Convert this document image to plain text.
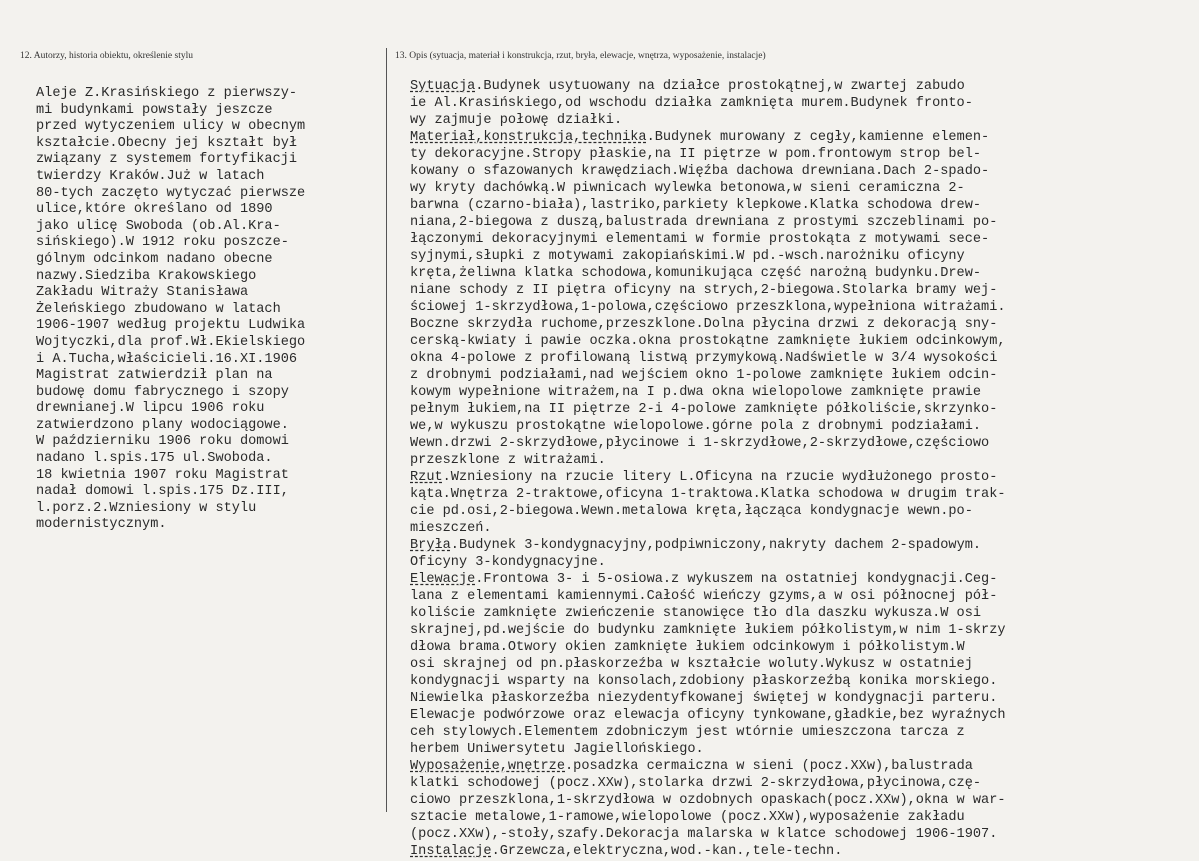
12. Autorzy, historia obiektu, określenie stylu	13. Opis (sytuacja, materiał i konstrukcja, rzut, bryła, elewacje, wnętrza, wyposażenie, instalacje)
Aleje Z.Krasińskiego z pierwszy-
mi budynkami powstały jeszcze
przed wytyczeniem ulicy w obecnym
kształcie.Obecny jej kształt był
związany z systemem fortyfikacji
twierdzy Kraków.Już w latach
80-tych zaczęto wytyczać pierwsze
ulice,które określano od 1890
jako ulicę Swoboda (ob.Al.Kra-
sińskiego).W 1912 roku poszcze-
gólnym odcinkom nadano obecne
nazwy.Siedziba Krakowskiego
Zakładu Witraży Stanisława
Żeleńskiego zbudowano w latach
1906-1907 według projektu Ludwika
Wojtyczki,dla prof.Wł.Ekielskiego
i A.Tucha,właścicieli.16.XI.1906
Magistrat zatwierdził plan na
budowę domu fabrycznego i szopy
drewnianej.W lipcu 1906 roku
zatwierdzono plany wodociągowe.
W październiku 1906 roku domowi
nadano l.spis.175 ul.Swoboda.
18 kwietnia 1907 roku Magistrat
nadał domowi l.spis.175 Dz.III,
l.porz.2.Wzniesiony w stylu
modernistycznym.
Sytuacja.Budynek usytuowany na działce prostokątnej,w zwartej zabudo
ie Al.Krasińskiego,od wschodu działka zamknięta murem.Budynek fronto-
wy zajmuje połowę działki.
Materiał,konstrukcja,technika.Budynek murowany z cegły,kamienne elemen-
ty dekoracyjne.Stropy płaskie,na II piętrze w pom.frontowym strop bel-
kowany o sfazowanych krawędziach.Więźba dachowa drewniana.Dach 2-spado-
wy kryty dachówką.W piwnicach wylewka betonowa,w sieni ceramiczna 2-
barwna (czarno-biała),lastriko,parkiety klepkowe.Klatka schodowa drew-
niana,2-biegowa z duszą,balustrada drewniana z prostymi szczeblinami po-
łączonymi dekoracyjnymi elementami w formie prostokąta z motywami sece-
syjnymi,słupki z motywami zakopiańskimi.W pd.-wsch.narożniku oficyny
kręta,żeliwna klatka schodowa,komunikująca część narożną budynku.Drew-
niane schody z II piętra oficyny na strych,2-biegowa.Stolarka bramy wej-
ściowej 1-skrzydłowa,1-polowa,częściowo przeszklona,wypełniona witrażami.
Boczne skrzydła ruchome,przeszklone.Dolna płycina drzwi z dekoracją sny-
cerską-kwiaty i pawie oczka.okna prostokątne zamknięte łukiem odcinkowym,
okna 4-polowe z profilowaną listwą przymykową.Nadświetle w 3/4 wysokości
z drobnymi podziałami,nad wejściem okno 1-polowe zamknięte łukiem odcin-
kowym wypełnione witrażem,na I p.dwa okna wielopolowe zamknięte prawie
pełnym łukiem,na II piętrze 2-i 4-polowe zamknięte półkoliście,skrzynko-
we,w wykuszu prostokątne wielopolowe.górne pola z drobnymi podziałami.
Wewn.drzwi 2-skrzydłowe,płycinowe i 1-skrzydłowe,2-skrzydłowe,częściowo
przeszklone z witrażami.
Rzut.Wzniesiony na rzucie litery L.Oficyna na rzucie wydłużonego prosto-
kąta.Wnętrza 2-traktowe,oficyna 1-traktowa.Klatka schodowa w drugim trak-
cie pd.osi,2-biegowa.Wewn.metalowa kręta,łącząca kondygnacje wewn.po-
mieszczeń.
Bryła.Budynek 3-kondygnacyjny,podpiwniczony,nakryty dachem 2-spadowym.
Oficyny 3-kondygnacyjne.
Elewacje.Frontowa 3- i 5-osiowa.z wykuszem na ostatniej kondygnacji.Ceg-
lana z elementami kamiennymi.Całość wieńczy gzyms,a w osi północnej pół-
koliście zamknięte zwieńczenie stanowięce tło dla daszku wykusza.W osi
skrajnej,pd.wejście do budynku zamknięte łukiem półkolistym,w nim 1-skrzy
dłowa brama.Otwory okien zamknięte łukiem odcinkowym i półkolistym.W
osi skrajnej od pn.płaskorzeźba w kształcie woluty.Wykusz w ostatniej
kondygnacji wsparty na konsolach,zdobiony płaskorzeźbą konika morskiego.
Niewielka płaskorzeźba niezydentyfkowanej świętej w kondygnacji parteru.
Elewacje podwórzowe oraz elewacja oficyny tynkowane,gładkie,bez wyraźnych
ceh stylowych.Elementem zdobniczym jest wtórnie umieszczona tarcza z
herbem Uniwersytetu Jagiellońskiego.
Wyposażenie,wnętrze.posadzka cermaiczna w sieni (pocz.XXw),balustrada
klatki schodowej (pocz.XXw),stolarka drzwi 2-skrzydłowa,płycinowa,czę-
ciowo przeszklona,1-skrzydłowa w ozdobnych opaskach(pocz.XXw),okna w war-
sztacie metalowe,1-ramowe,wielopolowe (pocz.XXw),wyposażenie zakładu
(pocz.XXw),-stoły,szafy.Dekoracja malarska w klatce schodowej 1906-1907.
Instalacje.Grzewcza,elektryczna,wod.-kan.,tele-techn.
